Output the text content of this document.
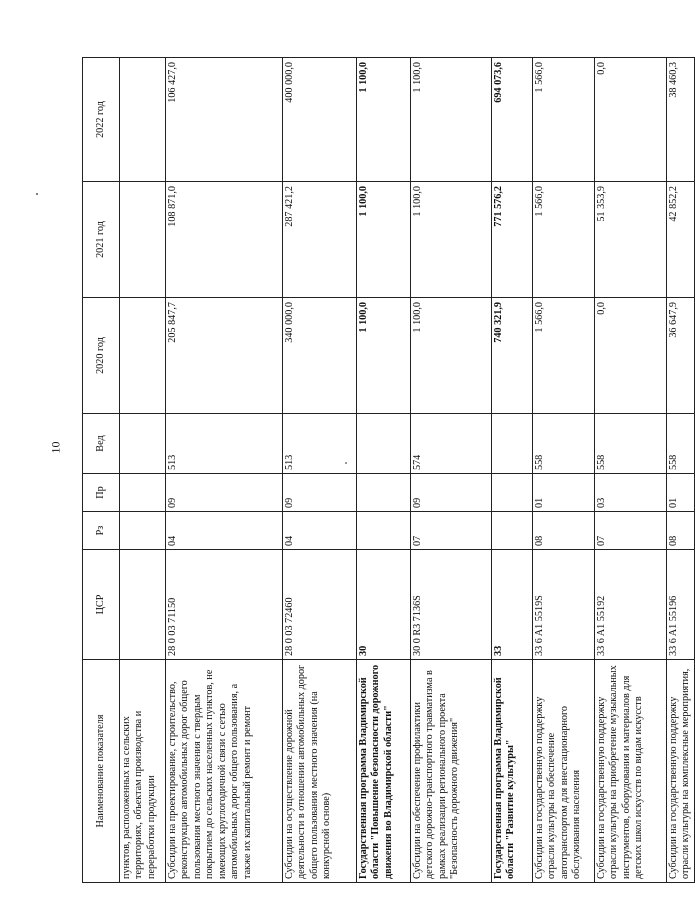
10
Наименование показателя	ЦСР	Рз	Пр	Вед	2020 год	2021 год	2022 год
пунктов, расположенных на сельских территориях, объектам производства и переработки продукции							
Субсидии на проектирование, строительство, реконструкцию автомобильных дорог общего пользования местного значения с твердым покрытием до сельских населенных пунктов, не имеющих круглогодичной связи с сетью автомобильных дорог общего пользования, а также их капитальный ремонт и ремонт	28 0 03 71150	04	09	513	205 847,7	108 871,0	106 427,0
Субсидии на осуществление дорожной деятельности в отношении автомобильных дорог общего пользования местного значения (на конкурсной основе)	28 0 03 72460	04	09	513	340 000,0	287 421,2	400 000,0
Государственная программа Владимирской области "Повышение безопасности дорожного движения во Владимирской области"	30				1 100,0	1 100,0	1 100,0
Субсидии на обеспечение профилактики детского дорожно-транспортного травматизма в рамках реализации регионального проекта "Безопасность дорожного движения"	30 0 R3 7136S	07	09	574	1 100,0	1 100,0	1 100,0
Государственная программа Владимирской области "Развитие культуры"	33				740 321,9	771 576,2	694 073,6
Субсидии на государственную поддержку отрасли культуры на обеспечение автотранспортом для внестационарного обслуживания населения	33 6 A1 5519S	08	01	558	1 566,0	1 566,0	1 566,0
Субсидии на государственную поддержку отрасли культуры на приобретение музыкальных инструментов, оборудования и материалов для детских школ искусств по видам искусств	33 6 A1 55192	07	03	558	0,0	51 353,9	0,0
Субсидии на государственную поддержку отрасли культуры на комплексные мероприятия,	33 6 A1 55196	08	01	558	36 647,9	42 852,2	38 460,3
